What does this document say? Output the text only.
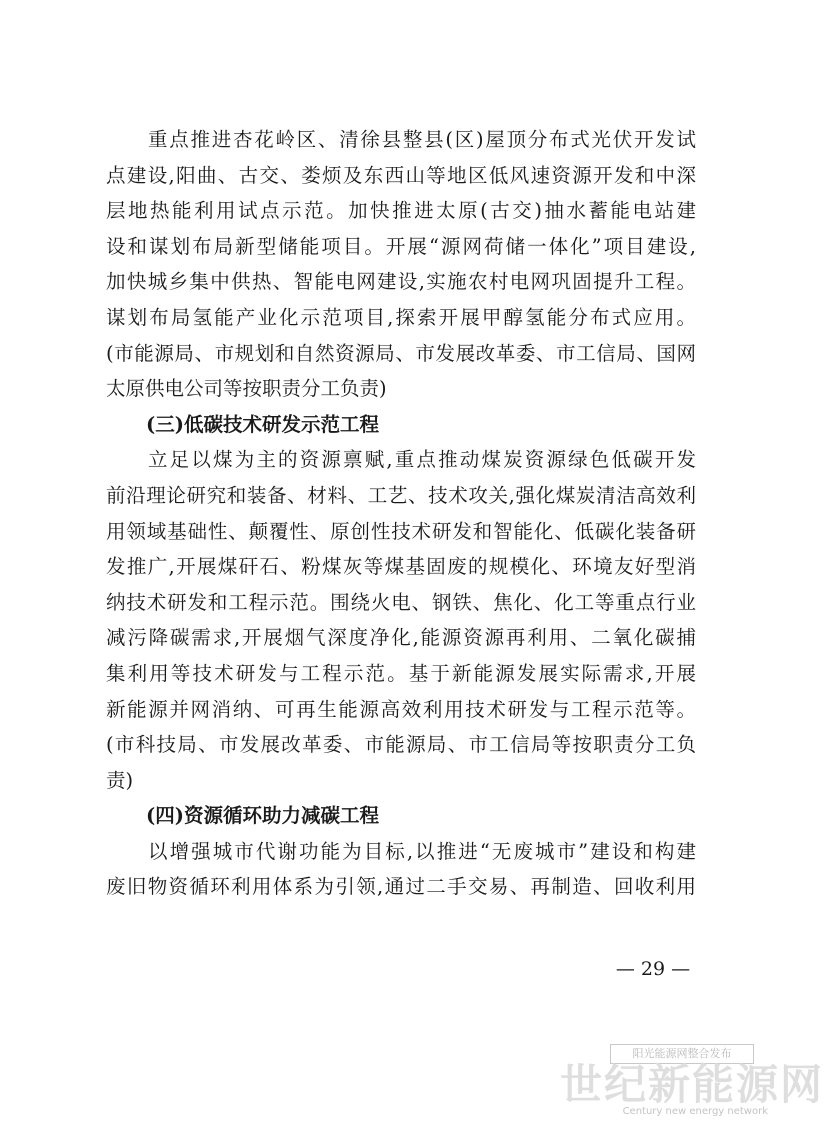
重点推进杏花岭区、清徐县整县(区)屋顶分布式光伏开发试
点建设,阳曲、古交、娄烦及东西山等地区低风速资源开发和中深
层地热能利用试点示范。加快推进太原(古交)抽水蓄能电站建
设和谋划布局新型储能项目。开展“源网荷储一体化”项目建设,
加快城乡集中供热、智能电网建设,实施农村电网巩固提升工程。
谋划布局氢能产业化示范项目,探索开展甲醇氢能分布式应用。
(市能源局、市规划和自然资源局、市发展改革委、市工信局、国网
太原供电公司等按职责分工负责)
(三)低碳技术研发示范工程
立足以煤为主的资源禀赋,重点推动煤炭资源绿色低碳开发
前沿理论研究和装备、材料、工艺、技术攻关,强化煤炭清洁高效利
用领域基础性、颠覆性、原创性技术研发和智能化、低碳化装备研
发推广,开展煤矸石、粉煤灰等煤基固废的规模化、环境友好型消
纳技术研发和工程示范。围绕火电、钢铁、焦化、化工等重点行业
减污降碳需求,开展烟气深度净化,能源资源再利用、二氧化碳捕
集利用等技术研发与工程示范。基于新能源发展实际需求,开展
新能源并网消纳、可再生能源高效利用技术研发与工程示范等。
(市科技局、市发展改革委、市能源局、市工信局等按职责分工负
责)
(四)资源循环助力减碳工程
以增强城市代谢功能为目标,以推进“无废城市”建设和构建
废旧物资循环利用体系为引领,通过二手交易、再制造、回收利用
— 29 —
阳光能源网整合发布
世纪新能源网
Century new energy network
